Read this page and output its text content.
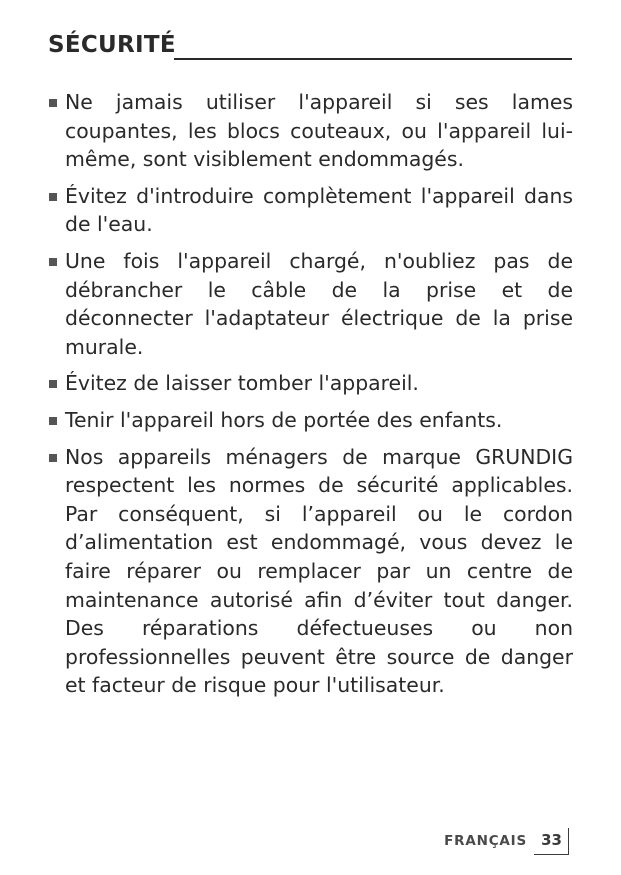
SÉCURITÉ
Ne jamais utiliser l'appareil si ses lames coupantes, les blocs couteaux, ou l'appareil lui-même, sont visiblement endommagés.
Évitez d'introduire complètement l'appareil dans de l'eau.
Une fois l'appareil chargé, n'oubliez pas de débrancher le câble de la prise et de déconnecter l'adaptateur électrique de la prise murale.
Évitez de laisser tomber l'appareil.
Tenir l'appareil hors de portée des enfants.
Nos appareils ménagers de marque GRUNDIG respectent les normes de sécurité applicables. Par conséquent, si l’appareil ou le cordon d’alimentation est endommagé, vous devez le faire réparer ou remplacer par un centre de maintenance autorisé afin d’éviter tout danger. Des réparations défectueuses ou non professionnelles peuvent être source de danger et facteur de risque pour l'utilisateur.
FRANÇAIS 33
